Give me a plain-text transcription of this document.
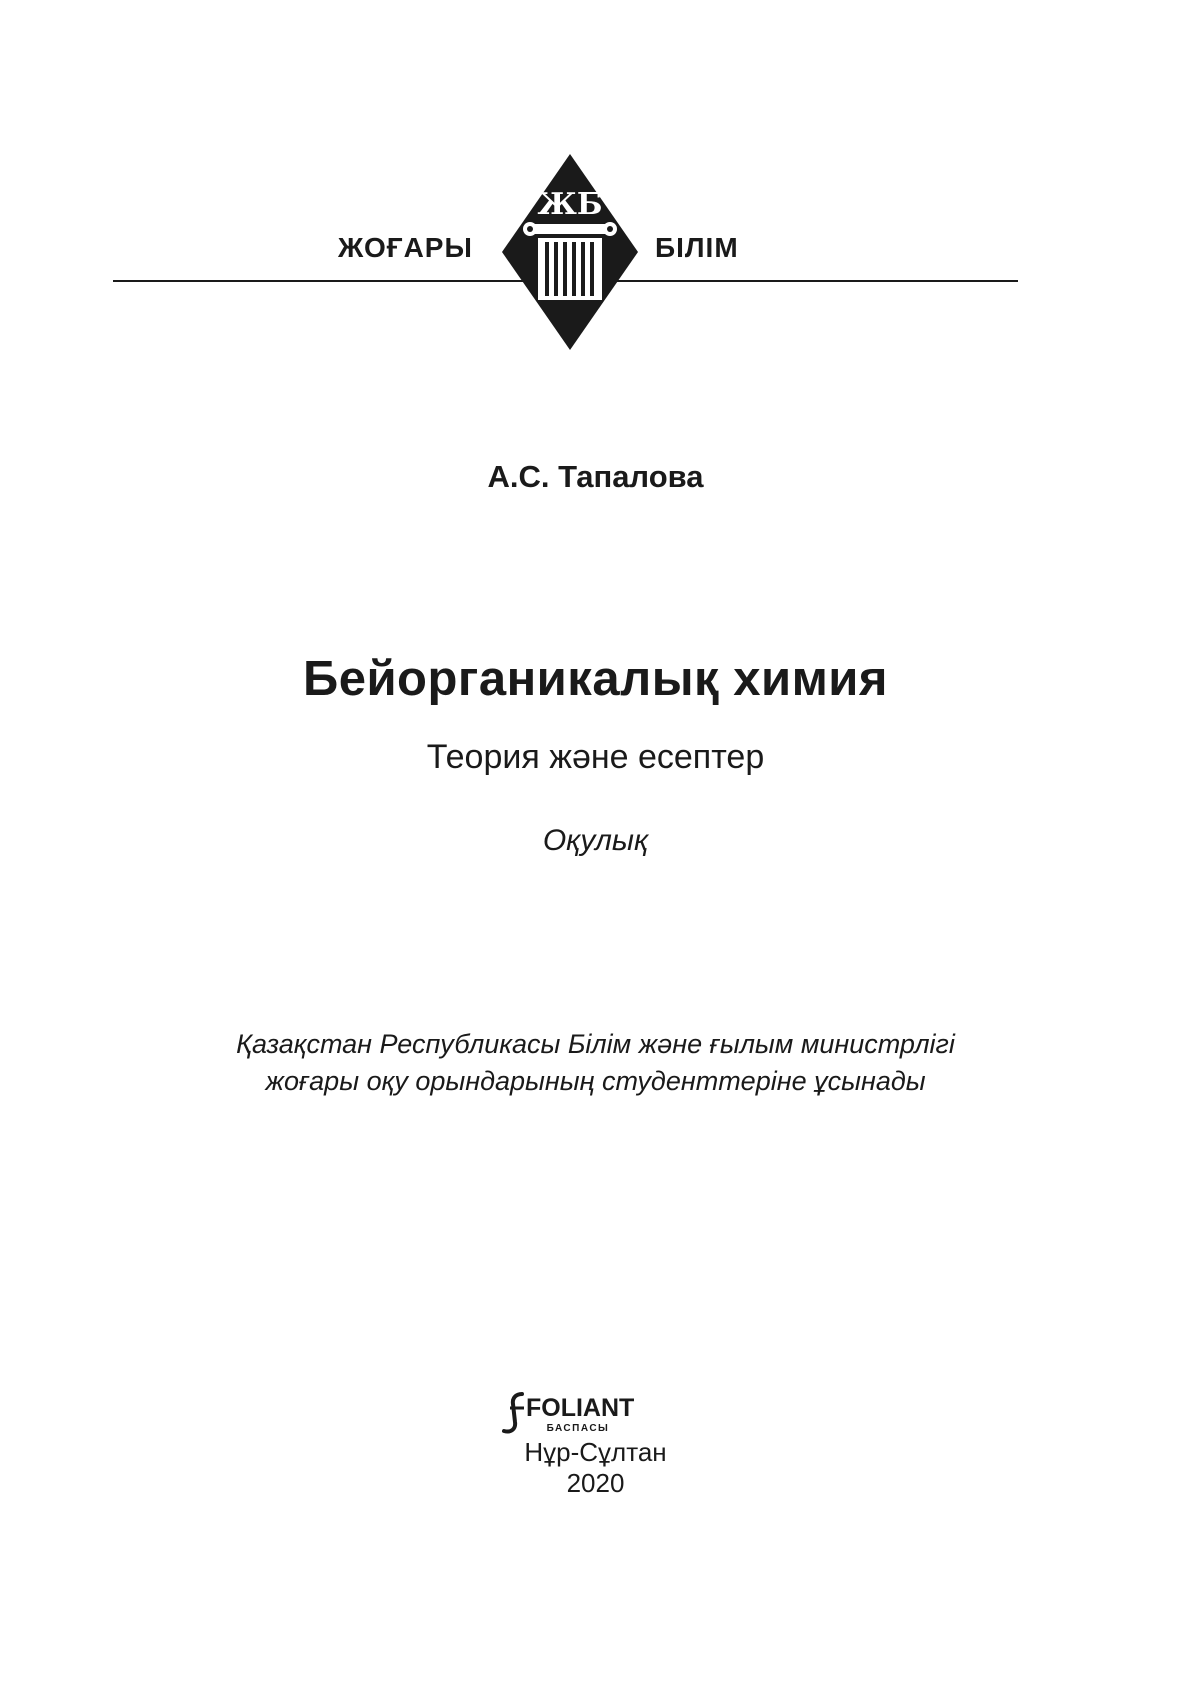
ЖОҒАРЫ	БІЛІМ
ЖБ
А.С. Тапалова
Бейорганикалық химия
Теория және есептер
Оқулық
Қазақстан Республикасы Білім және ғылым министрлігі
жоғары оқу орындарының студенттеріне ұсынады
FOLIANT
БАСПАСЫ
Нұр-Сұлтан
2020
